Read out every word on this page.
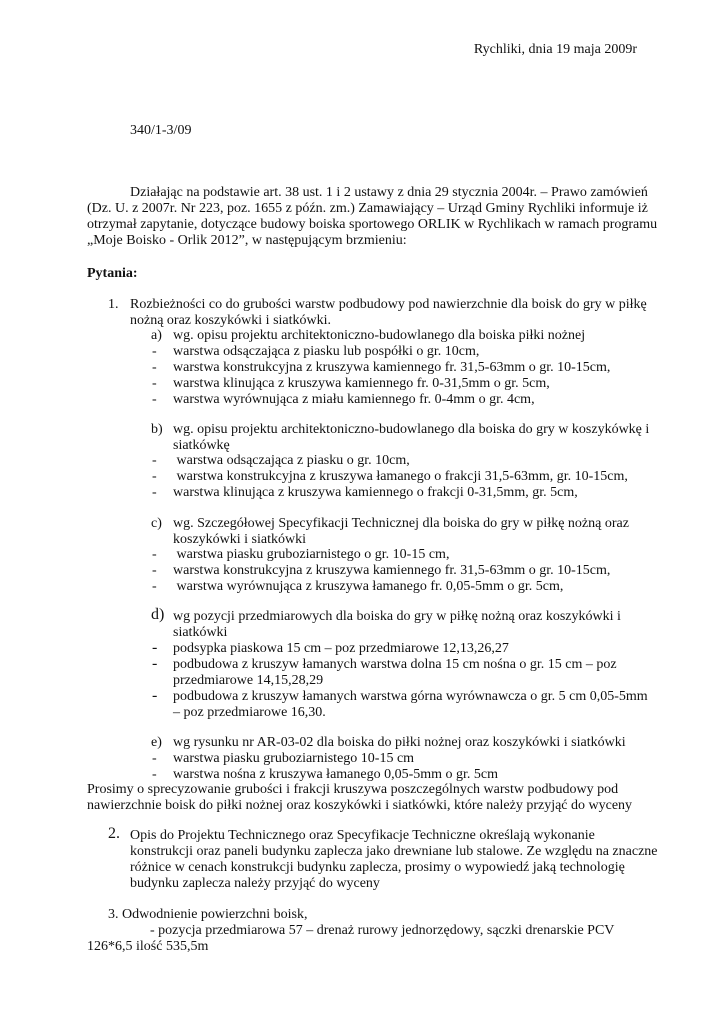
Rychliki, dnia 19 maja 2009r
340/1-3/09
Działając na podstawie art. 38 ust. 1 i 2 ustawy z dnia 29 stycznia 2004r. – Prawo zamówień
(Dz. U. z 2007r. Nr 223, poz. 1655 z późn. zm.) Zamawiający – Urząd Gminy Rychliki informuje iż
otrzymał zapytanie, dotyczące budowy boiska sportowego ORLIK w Rychlikach w ramach programu
„Moje Boisko - Orlik 2012”, w następującym brzmieniu:
Pytania:
1. Rozbieżności co do grubości warstw podbudowy pod nawierzchnie dla boisk do gry w piłkę
nożną oraz koszykówki i siatkówki.
a) wg. opisu projektu architektoniczno-budowlanego dla boiska piłki nożnej
- warstwa odsączająca z piasku lub pospółki o gr. 10cm,
- warstwa konstrukcyjna z kruszywa kamiennego fr. 31,5-63mm o gr. 10-15cm,
- warstwa klinująca z kruszywa kamiennego fr. 0-31,5mm o gr. 5cm,
- warstwa wyrównująca z miału kamiennego fr. 0-4mm o gr. 4cm,
b) wg. opisu projektu architektoniczno-budowlanego dla boiska do gry w koszykówkę i
siatkówkę
- warstwa odsączająca z piasku o gr. 10cm,
- warstwa konstrukcyjna z kruszywa łamanego o frakcji 31,5-63mm, gr. 10-15cm,
- warstwa klinująca z kruszywa kamiennego o frakcji 0-31,5mm, gr. 5cm,
c) wg. Szczegółowej Specyfikacji Technicznej dla boiska do gry w piłkę nożną oraz
koszykówki i siatkówki
- warstwa piasku gruboziarnistego o gr. 10-15 cm,
- warstwa konstrukcyjna z kruszywa kamiennego fr. 31,5-63mm o gr. 10-15cm,
- warstwa wyrównująca z kruszywa łamanego fr. 0,05-5mm o gr. 5cm,
d) wg pozycji przedmiarowych dla boiska do gry w piłkę nożną oraz koszykówki i
siatkówki
- podsypka piaskowa 15 cm – poz przedmiarowe 12,13,26,27
- podbudowa z kruszyw łamanych warstwa dolna 15 cm nośna o gr. 15 cm – poz
przedmiarowe 14,15,28,29
- podbudowa z kruszyw łamanych warstwa górna wyrównawcza o gr. 5 cm 0,05-5mm
– poz przedmiarowe 16,30.
e) wg rysunku nr AR-03-02 dla boiska do piłki nożnej oraz koszykówki i siatkówki
- warstwa piasku gruboziarnistego 10-15 cm
- warstwa nośna z kruszywa łamanego 0,05-5mm o gr. 5cm
Prosimy o sprecyzowanie grubości i frakcji kruszywa poszczególnych warstw podbudowy pod
nawierzchnie boisk do piłki nożnej oraz koszykówki i siatkówki, które należy przyjąć do wyceny
2. Opis do Projektu Technicznego oraz Specyfikacje Techniczne określają wykonanie
konstrukcji oraz paneli budynku zaplecza jako drewniane lub stalowe. Ze względu na znaczne
różnice w cenach konstrukcji budynku zaplecza, prosimy o wypowiedź jaką technologię
budynku zaplecza należy przyjąć do wyceny
3. Odwodnienie powierzchni boisk,
- pozycja przedmiarowa 57 – drenaż rurowy jednorzędowy, sączki drenarskie PCV
126*6,5 ilość 535,5m
